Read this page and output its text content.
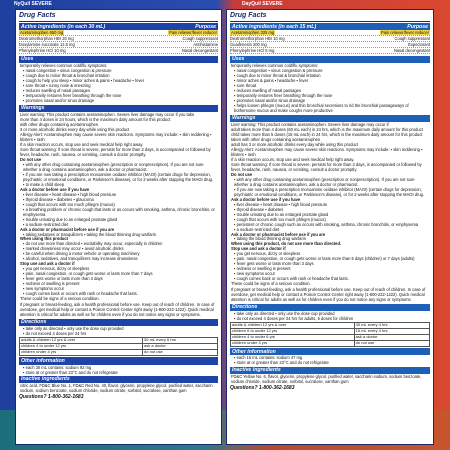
NyQuil SEVERE	DayQuil SEVERE
Drug Facts
Active ingredients (in each 30 mL)	Purpose
Acetaminophen 650 mg	Pain reliever/fever reducer
Dextromethorphan HBr 20 mg	Cough suppressant
Doxylamine succinate 12.5 mg	Antihistamine
Phenylephrine HCl 10 mg	Nasal decongestant
Uses
temporarily relieves common cold/flu symptoms:
▪ nasal congestion ▪ sinus congestion & pressure
▪ cough due to minor throat & bronchial irritation
▪ cough to help you sleep ▪ minor aches & pains ▪ headache ▪ fever
▪ sore throat ▪ runny nose & sneezing
▪ reduces swelling of nasal passages
▪ temporarily restores freer breathing through the nose
▪ promotes nasal and/or sinus drainage
Warnings
Liver warning: This product contains acetaminophen. Severe liver damage may occur if you take
more than 4 doses in 24 hours, which is the maximum daily amount for this product
with other drugs containing acetaminophen
3 or more alcoholic drinks every day while using this product
Allergy Alert: Acetaminophen may cause severe skin reactions. Symptoms may include: ▪ skin reddening ▪ blisters ▪ rash
If a skin reaction occurs, stop use and seek medical help right away.
Sore throat warning: If sore throat is severe, persists for more than 2 days, is accompanied or followed by fever, headache, rash, nausea, or vomiting, consult a doctor promptly.
Do not use
▪ with any other drug containing acetaminophen (prescription or nonprescription). If you are not sure whether a drug contains acetaminophen, ask a doctor or pharmacist.
▪ if you are now taking a prescription monoamine oxidase inhibitor (MAOI) (certain drugs for depression, psychiatric or emotional conditions, or Parkinson's disease), or for 2 weeks after stopping the MAOI drug.
▪ to make a child sleep
Ask a doctor before use if you have
▪ liver disease ▪ heart disease ▪ high blood pressure
▪ thyroid disease ▪ diabetes ▪ glaucoma
▪ cough that occurs with too much phlegm (mucus)
▪ a breathing problem or chronic cough that lasts or as occurs with smoking, asthma, chronic bronchitis, or emphysema
▪ trouble urinating due to an enlarged prostate gland
▪ a sodium-restricted diet
Ask a doctor or pharmacist before use if you are
▪ taking sedatives or tranquilizers ▪ taking the blood thinning drug warfarin
When using this product
▪ do not use more than directed ▪ excitability may occur, especially in children
▪ marked drowsiness may occur ▪ avoid alcoholic drinks
▪ be careful when driving a motor vehicle or operating machinery
▪ alcohol, sedatives, and tranquilizers may increase drowsiness
Stop use and ask a doctor if
▪ you get nervous, dizzy or sleepless
▪ pain, nasal congestion, or cough gets worse or lasts more than 7 days
▪ fever gets worse or lasts more than 3 days
▪ redness or swelling is present
▪ new symptoms occur
▪ cough comes back or occurs with rash or headache that lasts.
These could be signs of a serious condition.
If pregnant or breast-feeding, ask a health professional before use. Keep out of reach of children. In case of overdose, get medical help or contact a Poison Control Center right away (1-800-222-1222). Quick medical attention is critical for adults as well as for children even if you do not notice any signs or symptoms.
Directions
▪ take only as directed ▪ only use the dose cup provided
▪ do not exceed 4 doses per 24 hrs
adults & children 12 yrs & over	30 mL every 6 hrs
children 4 to under 12 yrs	ask a doctor
children under 4 yrs	do not use
Other information
▪ each 30 mL contains: sodium 92 mg
▪ store at or greater than 23°C and do not refrigerate
Inactive ingredients
citric acid, FD&C Blue No. 1, FD&C Red No. 40, flavor, glycerin, propylene glycol, purified water, saccharin sodium, sodium benzoate, sodium chloride, sodium citrate, sorbitol, sucralose, xanthan gum
Questions? 1-800-362-1683
Drug Facts
Active ingredients (in each 15 mL)	Purpose
Acetaminophen 325 mg	Pain reliever/fever reducer
Dextromethorphan HBr 10 mg	Cough suppressant
Guaifenesin 200 mg	Expectorant
Phenylephrine HCl 5 mg	Nasal decongestant
Uses
temporarily relieves common cold/flu symptoms:
▪ nasal congestion ▪ sinus congestion & pressure
▪ cough due to minor throat & bronchial irritation
▪ minor aches & pains ▪ headache ▪ fever
▪ sore throat
▪ reduces swelling of nasal passages
▪ temporarily restores freer breathing through the nose
▪ promotes nasal and/or sinus drainage
▪ helps loosen phlegm (mucus) and thin bronchial secretions to rid the bronchial passageways of bothersome mucus and make coughs more productive
Warnings
Liver warning: This product contains acetaminophen. Severe liver damage may occur if
adult takes more than 4 doses (60 mL each) in 24 hrs, which is the maximum daily amount for this product
child takes more than 5 doses (15 mL each) in 24 hrs, which is the maximum daily amount for this product
taken with other drugs containing acetaminophen
adult has 3 or more alcoholic drinks every day while using this product
Allergy Alert: Acetaminophen may cause severe skin reactions. Symptoms may include: ▪ skin reddening ▪ blisters ▪ rash
If a skin reaction occurs, stop use and seek medical help right away.
Sore throat warning: If sore throat is severe, persists for more than 2 days, is accompanied or followed by fever, headache, rash, nausea, or vomiting, consult a doctor promptly.
Do not use
▪ with any other drug containing acetaminophen (prescription or nonprescription). If you are not sure whether a drug contains acetaminophen, ask a doctor or pharmacist.
▪ if you are now taking a prescription monoamine oxidase inhibitor (MAOI) (certain drugs for depression, psychiatric or emotional conditions, or Parkinson's disease), or for 2 weeks after stopping the MAOI drug.
Ask a doctor before use if you have
▪ liver disease ▪ heart disease ▪ high blood pressure
▪ thyroid disease ▪ diabetes
▪ trouble urinating due to an enlarged prostate gland
▪ cough that occurs with too much phlegm (mucus)
▪ persistent or chronic cough such as occurs with smoking, asthma, chronic bronchitis, or emphysema
▪ a sodium-restricted diet
Ask a doctor or pharmacist before use if you are
▪ taking the blood thinning drug warfarin
When using this product, do not use more than directed.
Stop use and ask a doctor if
▪ you get nervous, dizzy or sleepless
▪ pain, nasal congestion, or cough gets worse or lasts more than 5 days (children) or 7 days (adults)
▪ fever gets worse or lasts more than 3 days
▪ redness or swelling is present
▪ new symptoms occur
▪ cough comes back or occurs with rash or headache that lasts.
These could be signs of a serious condition.
If pregnant or breast-feeding, ask a health professional before use. Keep out of reach of children. In case of overdose, get medical help or contact a Poison Control Center right away (1-800-222-1222). Quick medical attention is critical for adults as well as for children even if you do not notice any signs or symptoms.
Directions
▪ take only as directed ▪ only use the dose cup provided
▪ do not exceed 4 doses per 24 hrs for adults, 5 doses for children
adults & children 12 yrs & over	30 mL every 4 hrs
children 6 to under 12 yrs	15 mL every 4 hrs
children 4 to under 6 yrs	ask a doctor
children under 4 yrs	do not use
Other information
▪ each 15 mL contains: sodium 47 mg
▪ store at or greater than 23°C and do not refrigerate
Inactive ingredients
FD&C Yellow No. 6, flavor, glycerin, propylene glycol, purified water, saccharin sodium, sodium benzoate, sodium chloride, sodium citrate, sorbitol, sucralose, xanthan gum
Questions? 1-800-362-1683
